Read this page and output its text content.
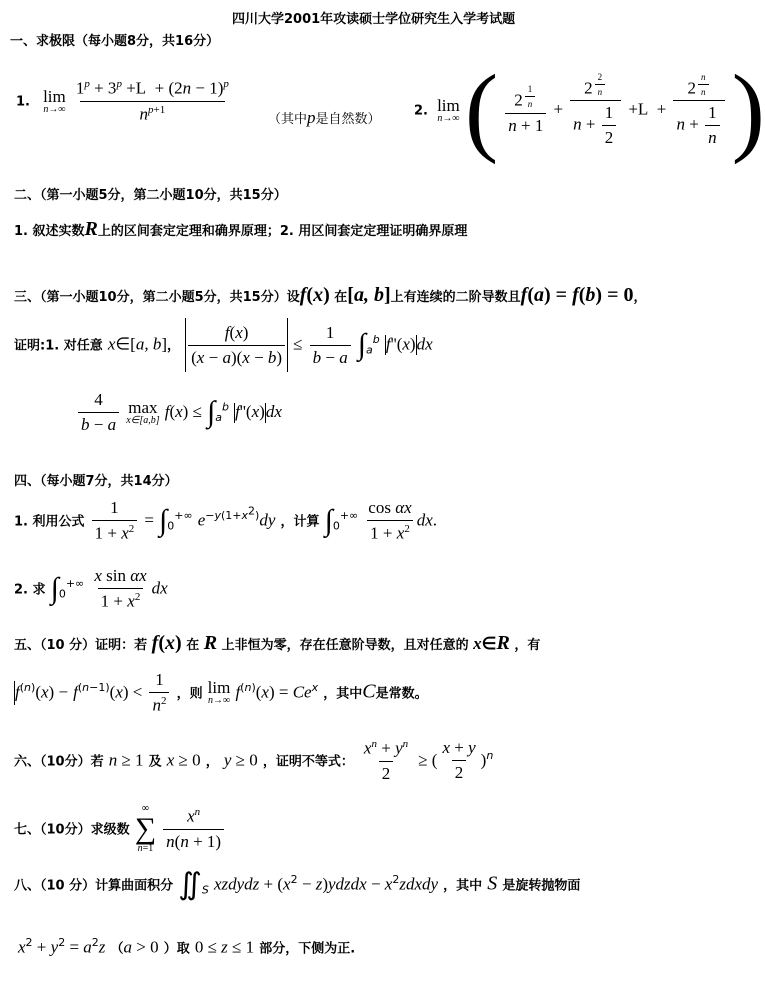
四川大学2001年攻读硕士学位研究生入学考试题
一、求极限（每小题8分，共16分）
1. lim
n→∞
$\frac{1^p + 3^p +L + (2n - 1)^p}{n^{p+1}}$	（其中p是自然数）
2. lim
n→∞ ( 2 $^{\frac{1}{n}}$
n + 1 + 2 $^{\frac{2}{n}}$
$n + \frac{1}{2} +L + 2$ $^{\frac{n}{n}}$
$n + \frac{1}{n}$ )
二、（第一小题5分，第二小题10分，共15分）
1. 叙述实数R上的区间套定定理和确界原理；2. 用区间套定定理证明确界原理
三、（第一小题10分，第二小题5分，共15分）设f(x) 在[a, b]上有连续的二阶导数且f(a) = f(b) = 0，
证明:1. 对任意 x∈[a, b]， $\frac{f(x)}{(x - a)(x - b)} \le \frac{1}{b - a} \int_a^b$ f''(x)dx
$\frac{4}{b - a}$
max
x∈[a,b] $f(x) \le \int_a^b$ f''(x)dx
四、（每小题7分，共14分）
1. 利用公式 $\frac{1}{1 + x^2} = \int_0^{+\infty}$ $e^{-y(1+x^2)}dy$ ，计算 $\int_0^{+\infty} \frac{\text{cos αx}}{1 + x^2}$ dx.
2. 求 $\int_0^{+\infty} \frac{\text{x sin αx}}{1 + x^2}$ dx
五、（10 分）证明：若 f(x) 在 R 上非恒为零，存在任意阶导数，且对任意的 x∈R ，有
$f^{(n)}(x) - f^{(n-1)}(x) < \frac{1}{n^2}$ ，则 lim
n→∞ $f^{(n)}(x) = Ce^x$ ，其中C是常数。
六、（10分）若 n ≥ 1 及 x ≥ 0 ， y ≥ 0 ，证明不等式： $\frac{x^n + y^n}{2}$ ≥ ( $\frac{x + y}{2} )^n$
七、（10分）求级数
∞
∑
n=1
$\frac{x^n}{n(n + 1)}$
八、（10 分）计算曲面积分 $∬_S$ xzdydz + ($x^2$ − z)ydzdx − $x^2zdxdy$ ，其中 S 是旋转抛物面
$x^2 + y^2 = a^2z$ （a > 0 ）取 0 ≤ z ≤ 1 部分，下侧为正.
